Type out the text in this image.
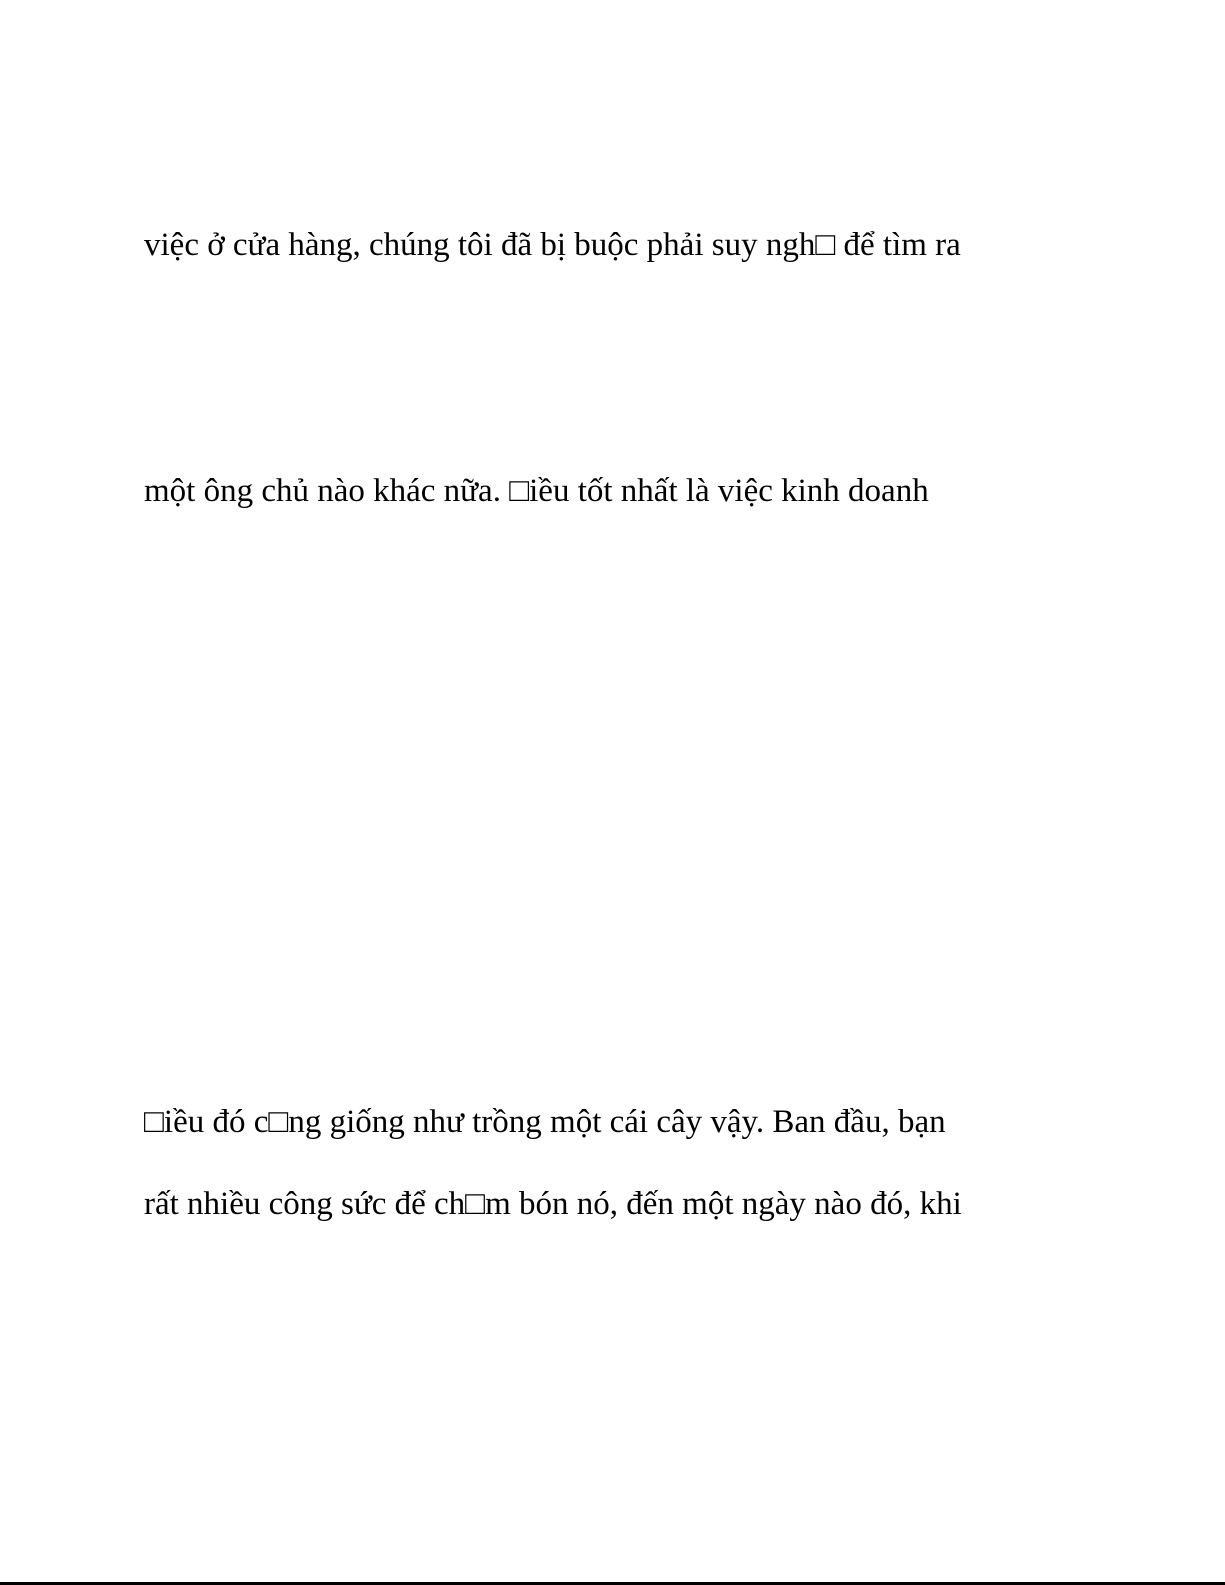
việc ở cửa hàng, chúng tôi đã bị buộc phải suy ngh□ để tìm ra

một ông chủ nào khác nữa. □iều tốt nhất là việc kinh doanh

□iều đó c□ng giống như trồng một cái cây vậy. Ban đầu, bạn

rất nhiều công sức để ch□m bón nó, đến một ngày nào đó, khi
